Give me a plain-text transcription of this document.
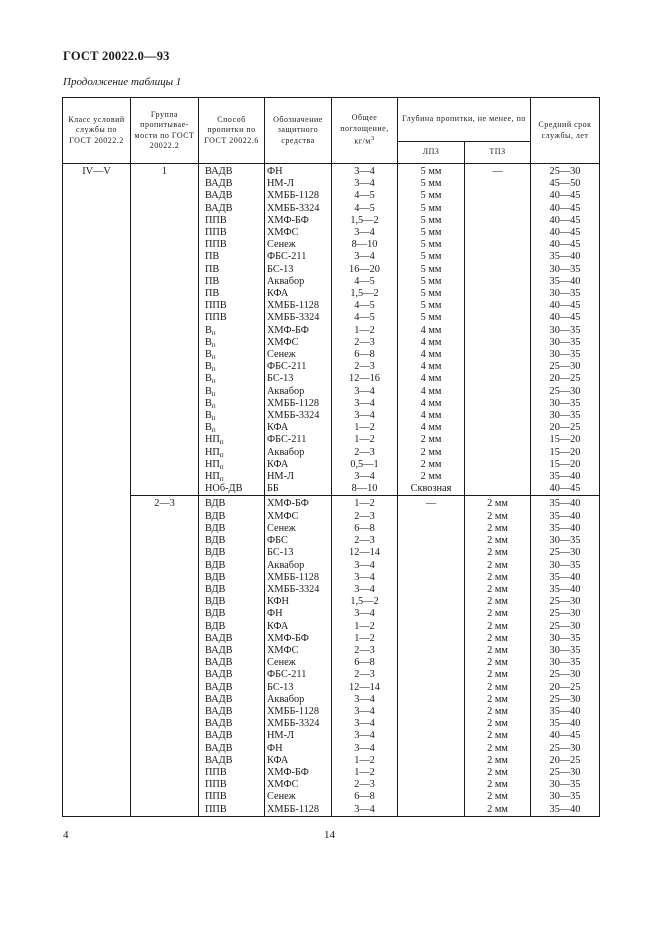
ГОСТ 20022.0—93
Продолжение таблицы 1
Класс условий службы по ГОСТ 20022.2	Группа пропитывае-мости по ГОСТ 20022.2	Способ пропитки по ГОСТ 20022.6	Обозначение защитного средства	Общее поглощение, $кг/м^3$	Глубина пропитки, не менее, по		Средний срок службы, лет
					ЛПЗ	ТПЗ	
IV—V	1	ВАДВ	ФН	3—4	5 мм	—	25—30
		ВАДВ	НМ-Л	3—4	5 мм		45—50
		ВАДВ	ХМББ-1128	4—5	5 мм		40—45
		ВАДВ	ХМББ-3324	4—5	5 мм		40—45
		ППВ	ХМФ-БФ	1,5—2	5 мм		40—45
		ППВ	ХМФС	3—4	5 мм		40—45
		ППВ	Сенеж	8—10	5 мм		40—45
		ПВ	ФБС-211	3—4	5 мм		35—40
		ПВ	БС-13	16—20	5 мм		30—35
		ПВ	Аквабор	4—5	5 мм		35—40
		ПВ	КФА	1,5—2	5 мм		30—35
		ППВ	ХМББ-1128	4—5	5 мм		40—45
		ППВ	ХМББ-3324	4—5	5 мм		40—45
		$В_п$	ХМФ-БФ	1—2	4 мм		30—35
		$В_п$	ХМФС	2—3	4 мм		30—35
		$В_п$	Сенеж	6—8	4 мм		30—35
		$В_п$	ФБС-211	2—3	4 мм		25—30
		$В_п$	БС-13	12—16	4 мм		20—25
		$В_п$	Аквабор	3—4	4 мм		25—30
		$В_п$	ХМББ-1128	3—4	4 мм		30—35
		$В_п$	ХМББ-3324	3—4	4 мм		30—35
		$В_п$	КФА	1—2	4 мм		20—25
		$НП_п$	ФБС-211	1—2	2 мм		15—20
		$НП_п$	Аквабор	2—3	2 мм		15—20
		$НП_п$	КФА	0,5—1	2 мм		15—20
		$НП_п$	НМ-Л	3—4	2 мм		35—40
		НОб-ДВ	ББ	8—10	Сквозная		40—45
	2—3	ВДВ	ХМФ-БФ	1—2	—	2 мм	35—40
		ВДВ	ХМФС	2—3		2 мм	35—40
		ВДВ	Сенеж	6—8		2 мм	35—40
		ВДВ	ФБС	2—3		2 мм	30—35
		ВДВ	БС-13	12—14		2 мм	25—30
		ВДВ	Аквабор	3—4		2 мм	30—35
		ВДВ	ХМББ-1128	3—4		2 мм	35—40
		ВДВ	ХМББ-3324	3—4		2 мм	35—40
		ВДВ	КФН	1,5—2		2 мм	25—30
		ВДВ	ФН	3—4		2 мм	25—30
		ВДВ	КФА	1—2		2 мм	25—30
		ВАДВ	ХМФ-БФ	1—2		2 мм	30—35
		ВАДВ	ХМФС	2—3		2 мм	30—35
		ВАДВ	Сенеж	6—8		2 мм	30—35
		ВАДВ	ФБС-211	2—3		2 мм	25—30
		ВАДВ	БС-13	12—14		2 мм	20—25
		ВАДВ	Аквабор	3—4		2 мм	25—30
		ВАДВ	ХМББ-1128	3—4		2 мм	35—40
		ВАДВ	ХМББ-3324	3—4		2 мм	35—40
		ВАДВ	НМ-Л	3—4		2 мм	40—45
		ВАДВ	ФН	3—4		2 мм	25—30
		ВАДВ	КФА	1—2		2 мм	20—25
		ППВ	ХМФ-БФ	1—2		2 мм	25—30
		ППВ	ХМФС	2—3		2 мм	30—35
		ППВ	Сенеж	6—8		2 мм	30—35
		ППВ	ХМББ-1128	3—4		2 мм	35—40
4	14
